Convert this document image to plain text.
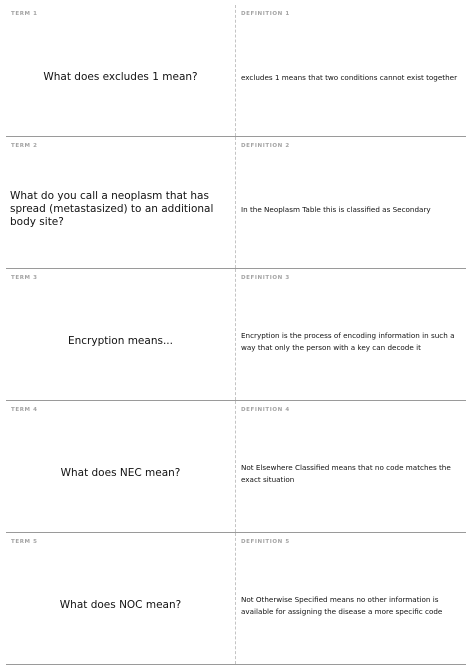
TERM 1
What does excludes 1 mean?
DEFINITION 1
excludes 1 means that two conditions cannot exist together
TERM 2
What do you call a neoplasm that has spread (metastasized) to an additional body site?
DEFINITION 2
In the Neoplasm Table this is classified as Secondary
TERM 3
Encryption means...
DEFINITION 3
Encryption is the process of encoding information in such a way that only the person with a key can decode it
TERM 4
What does NEC mean?
DEFINITION 4
Not Elsewhere Classified means that no code matches the exact situation
TERM 5
What does NOC mean?
DEFINITION 5
Not Otherwise Specified means no other information is available for assigning the disease a more specific code
